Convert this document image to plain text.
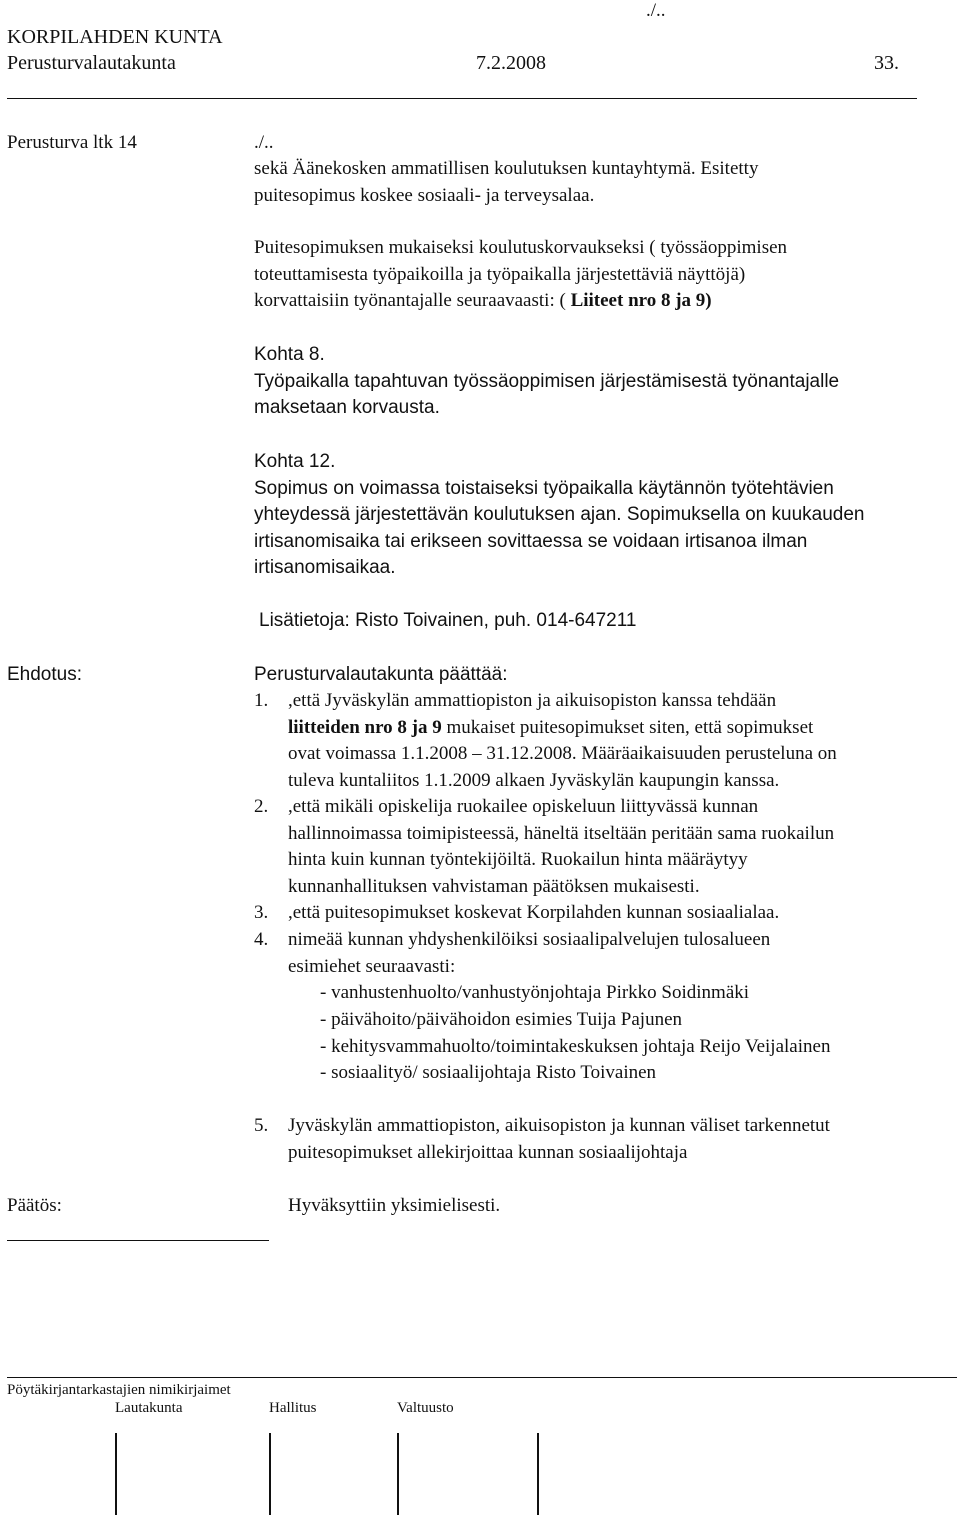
./..
KORPILAHDEN KUNTA
Perusturvalautakunta	7.2.2008	33.
Perusturva ltk 14	./..

sekä Äänekosken ammatillisen koulutuksen kuntayhtymä. Esitetty

puitesopimus koskee sosiaali- ja terveysalaa.

Puitesopimuksen mukaiseksi koulutuskorvaukseksi ( työssäoppimisen

toteuttamisesta työpaikoilla ja työpaikalla järjestettäviä näyttöjä)

korvattaisiin työnantajalle seuraavaasti: ( Liiteet nro 8 ja 9)

Kohta 8.

Työpaikalla tapahtuvan työssäoppimisen järjestämisestä työnantajalle

maksetaan korvausta.

Kohta 12.

Sopimus on voimassa toistaiseksi työpaikalla käytännön työtehtävien

yhteydessä järjestettävän koulutuksen ajan. Sopimuksella on kuukauden

irtisanomisaika tai erikseen sovittaessa se voidaan irtisanoa ilman

irtisanomisaikaa.

Lisätietoja: Risto Toivainen, puh. 014-647211
Ehdotus:	Perusturvalautakunta päättää:
1. ,että Jyväskylän ammattiopiston ja aikuisopiston kanssa tehdään

liitteiden nro 8 ja 9 mukaiset puitesopimukset siten, että sopimukset

ovat voimassa 1.1.2008 – 31.12.2008. Määräaikaisuuden perusteluna on

tuleva kuntaliitos 1.1.2009 alkaen Jyväskylän kaupungin kanssa.

2. ,että mikäli opiskelija ruokailee opiskeluun liittyvässä kunnan

hallinnoimassa toimipisteessä, häneltä itseltään peritään sama ruokailun

hinta kuin kunnan työntekijöiltä. Ruokailun hinta määräytyy

kunnanhallituksen vahvistaman päätöksen mukaisesti.

3. ,että puitesopimukset koskevat Korpilahden kunnan sosiaalialaa.

4. nimeää kunnan yhdyshenkilöiksi sosiaalipalvelujen tulosalueen

esimiehet seuraavasti:

- vanhustenhuolto/vanhustyönjohtaja Pirkko Soidinmäki
- päivähoito/päivähoidon esimies Tuija Pajunen
- kehitysvammahuolto/toimintakeskuksen johtaja Reijo Veijalainen
- sosiaalityö/ sosiaalijohtaja Risto Toivainen
5. Jyväskylän ammattiopiston, aikuisopiston ja kunnan väliset tarkennetut

puitesopimukset allekirjoittaa kunnan sosiaalijohtaja

Päätös:	Hyväksyttiin yksimielisesti.
Pöytäkirjantarkastajien nimikirjaimet
Lautakunta	Hallitus	Valtuusto
